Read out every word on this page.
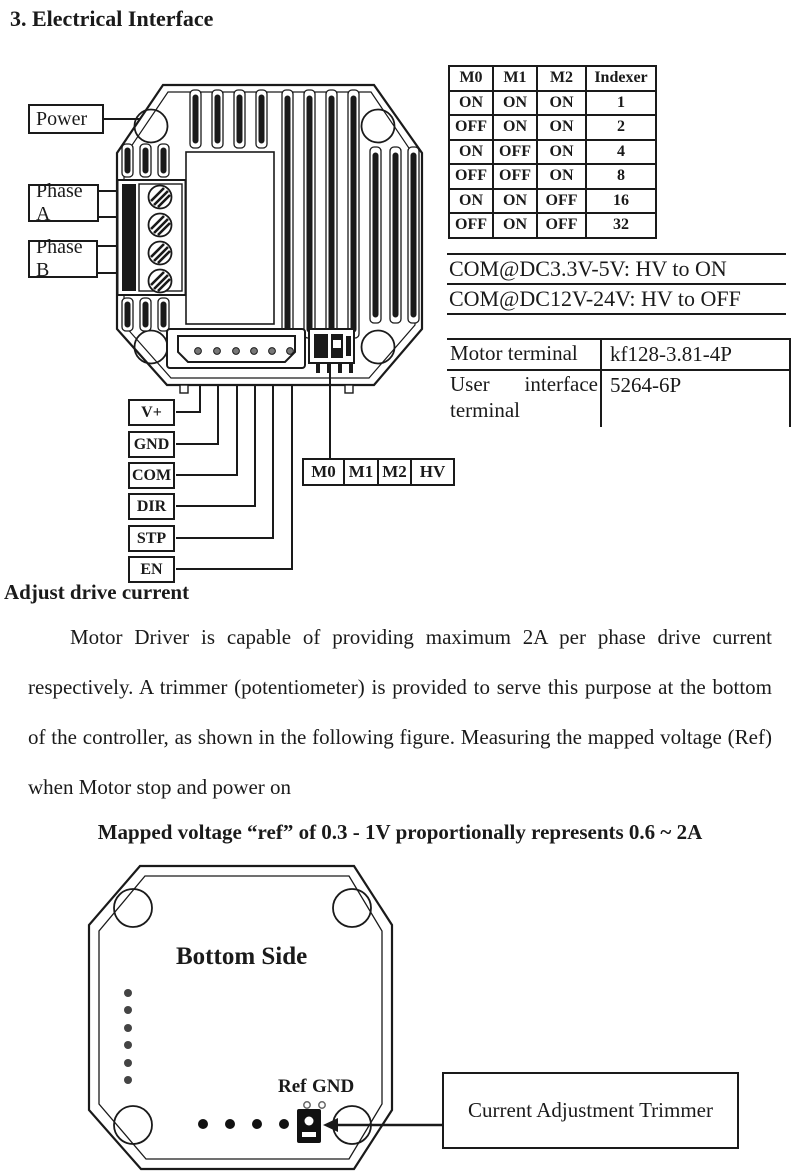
3. Electrical Interface
Power
Phase A
Phase B
V+
GND
COM
DIR
STP
EN
M0 M1 M2 HV
M0	M1	M2	Indexer
ON	ON	ON	1
OFF	ON	ON	2
ON	OFF	ON	4
OFF	OFF	ON	8
ON	ON	OFF	16
OFF	ON	OFF	32
COM@DC3.3V-5V: HV to ON
COM@DC12V-24V: HV to OFF
Motor terminal	kf128-3.81-4P
User interface terminal	5264-6P
Adjust drive current
Motor Driver is capable of providing maximum 2A per phase drive current respectively. A trimmer (potentiometer) is provided to serve this purpose at the bottom of the controller, as shown in the following figure. Measuring the mapped voltage (Ref) when Motor stop and power on
Mapped voltage “ref” of 0.3 - 1V proportionally represents 0.6 ~ 2A
Bottom Side
Ref GND
Current Adjustment Trimmer
